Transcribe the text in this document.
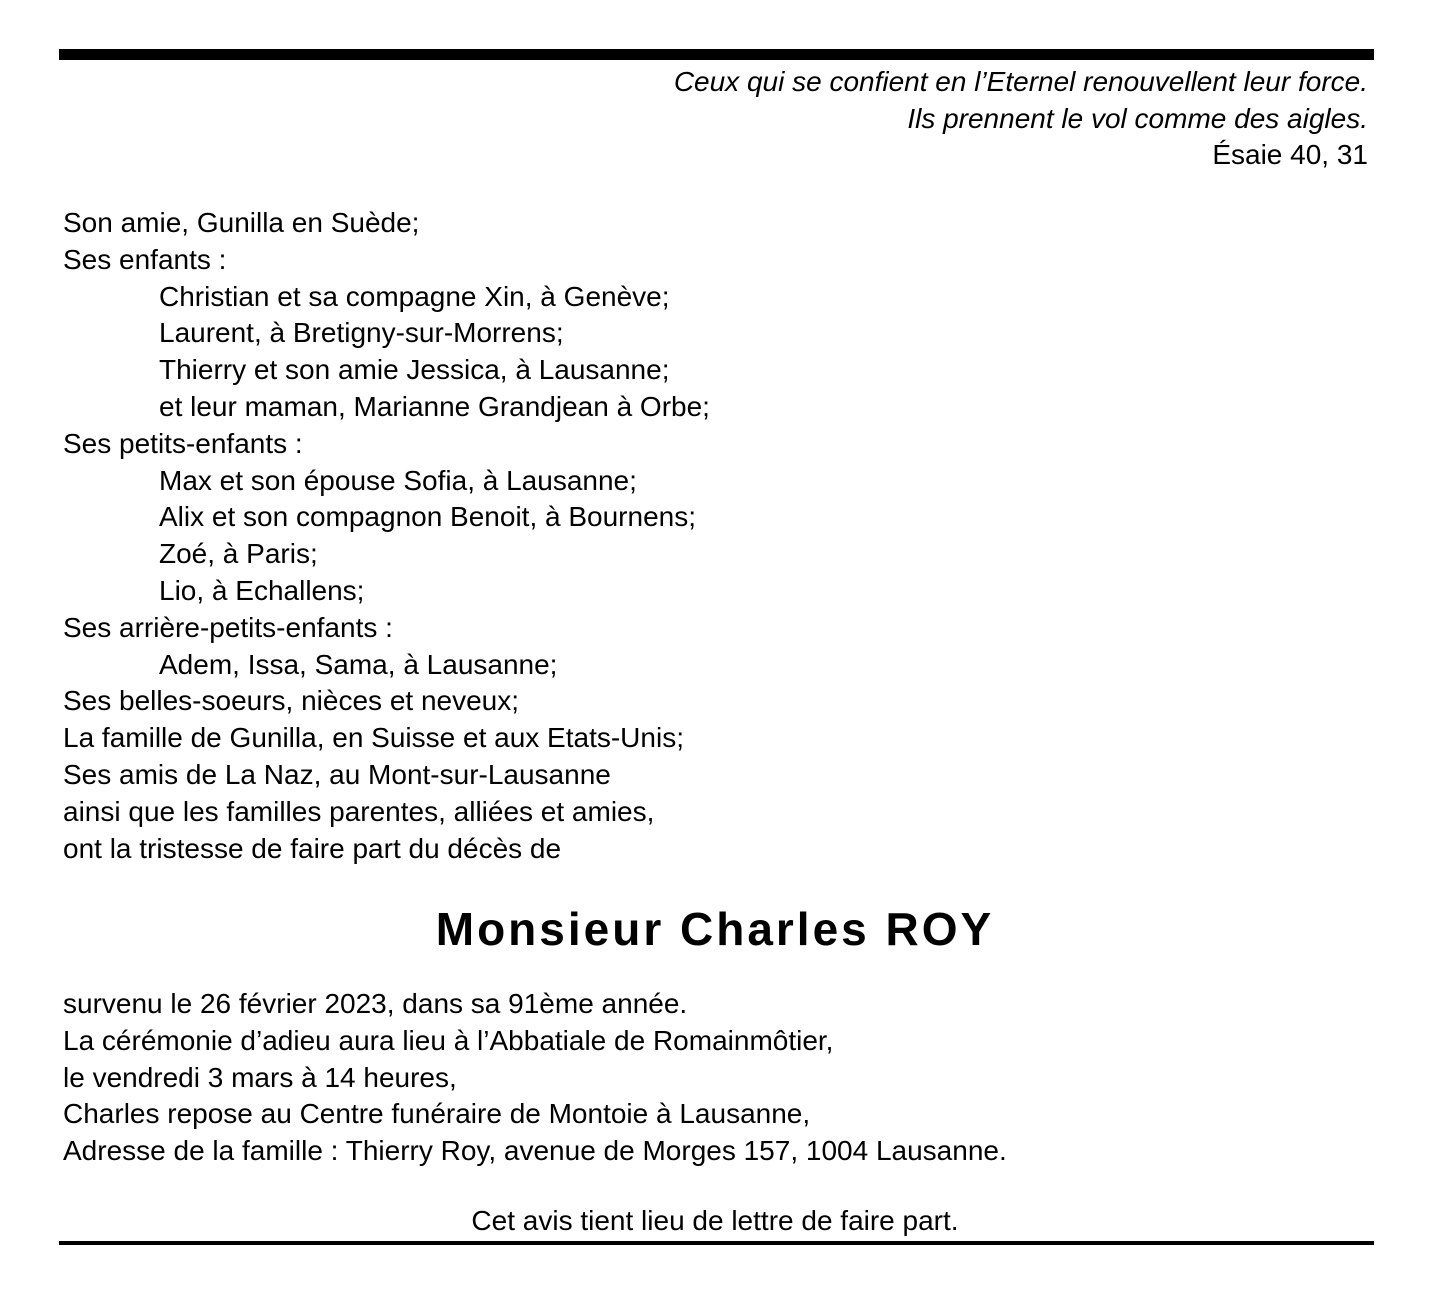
Ceux qui se confient en l’Eternel renouvellent leur force.
Ils prennent le vol comme des aigles.
Ésaie 40, 31
Son amie, Gunilla en Suède;
Ses enfants :
Christian et sa compagne Xin, à Genève;
Laurent, à Bretigny-sur-Morrens;
Thierry et son amie Jessica, à Lausanne;
et leur maman, Marianne Grandjean à Orbe;
Ses petits-enfants :
Max et son épouse Sofia, à Lausanne;
Alix et son compagnon Benoit, à Bournens;
Zoé, à Paris;
Lio, à Echallens;
Ses arrière-petits-enfants :
Adem, Issa, Sama, à Lausanne;
Ses belles-soeurs, nièces et neveux;
La famille de Gunilla, en Suisse et aux Etats-Unis;
Ses amis de La Naz, au Mont-sur-Lausanne
ainsi que les familles parentes, alliées et amies,
ont la tristesse de faire part du décès de
Monsieur Charles ROY
survenu le 26 février 2023, dans sa 91ème année.
La cérémonie d’adieu aura lieu à l’Abbatiale de Romainmôtier,
le vendredi 3 mars à 14 heures,
Charles repose au Centre funéraire de Montoie à Lausanne,
Adresse de la famille : Thierry Roy, avenue de Morges 157, 1004 Lausanne.
Cet avis tient lieu de lettre de faire part.
